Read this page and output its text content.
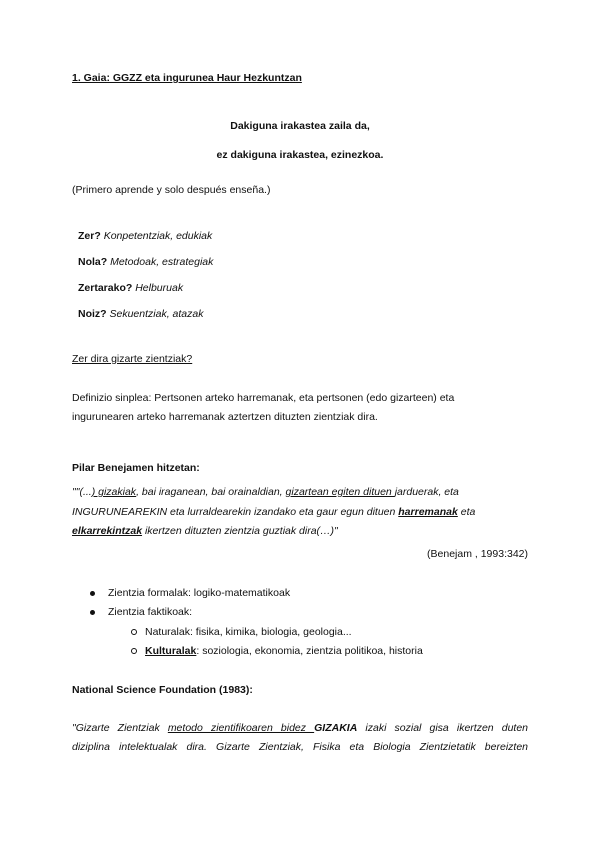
1. Gaia: GGZZ eta ingurunea Haur Hezkuntzan
Dakiguna irakastea zaila da,
ez dakiguna irakastea, ezinezkoa.
(Primero aprende y solo después enseña.)
Zer? Konpetentziak, edukiak
Nola? Metodoak, estrategiak
Zertarako? Helburuak
Noiz? Sekuentziak, atazak
Zer dira gizarte zientziak?
Definizio sinplea: Pertsonen arteko harremanak, eta pertsonen (edo gizarteen) eta
ingurunearen arteko harremanak aztertzen dituzten zientziak dira.
Pilar Benejamen hitzetan:
""(...) gizakiak, bai iraganean, bai orainaldian, gizartean egiten dituen jarduerak, eta
INGURUNEAREKIN eta lurraldearekin izandako eta gaur egun dituen harremanak eta
elkarrekintzak ikertzen dituzten zientzia guztiak dira(…)"
(Benejam , 1993:342)
Zientzia formalak: logiko-matematikoak
Zientzia faktikoak:
Naturalak: fisika, kimika, biologia, geologia...
Kulturalak: soziologia, ekonomia, zientzia politikoa, historia
National Science Foundation (1983):
"Gizarte Zientziak metodo zientifikoaren bidez GIZAKIA izaki sozial gisa ikertzen duten
diziplina intelektualak dira. Gizarte Zientziak, Fisika eta Biologia Zientzietatik bereizten
